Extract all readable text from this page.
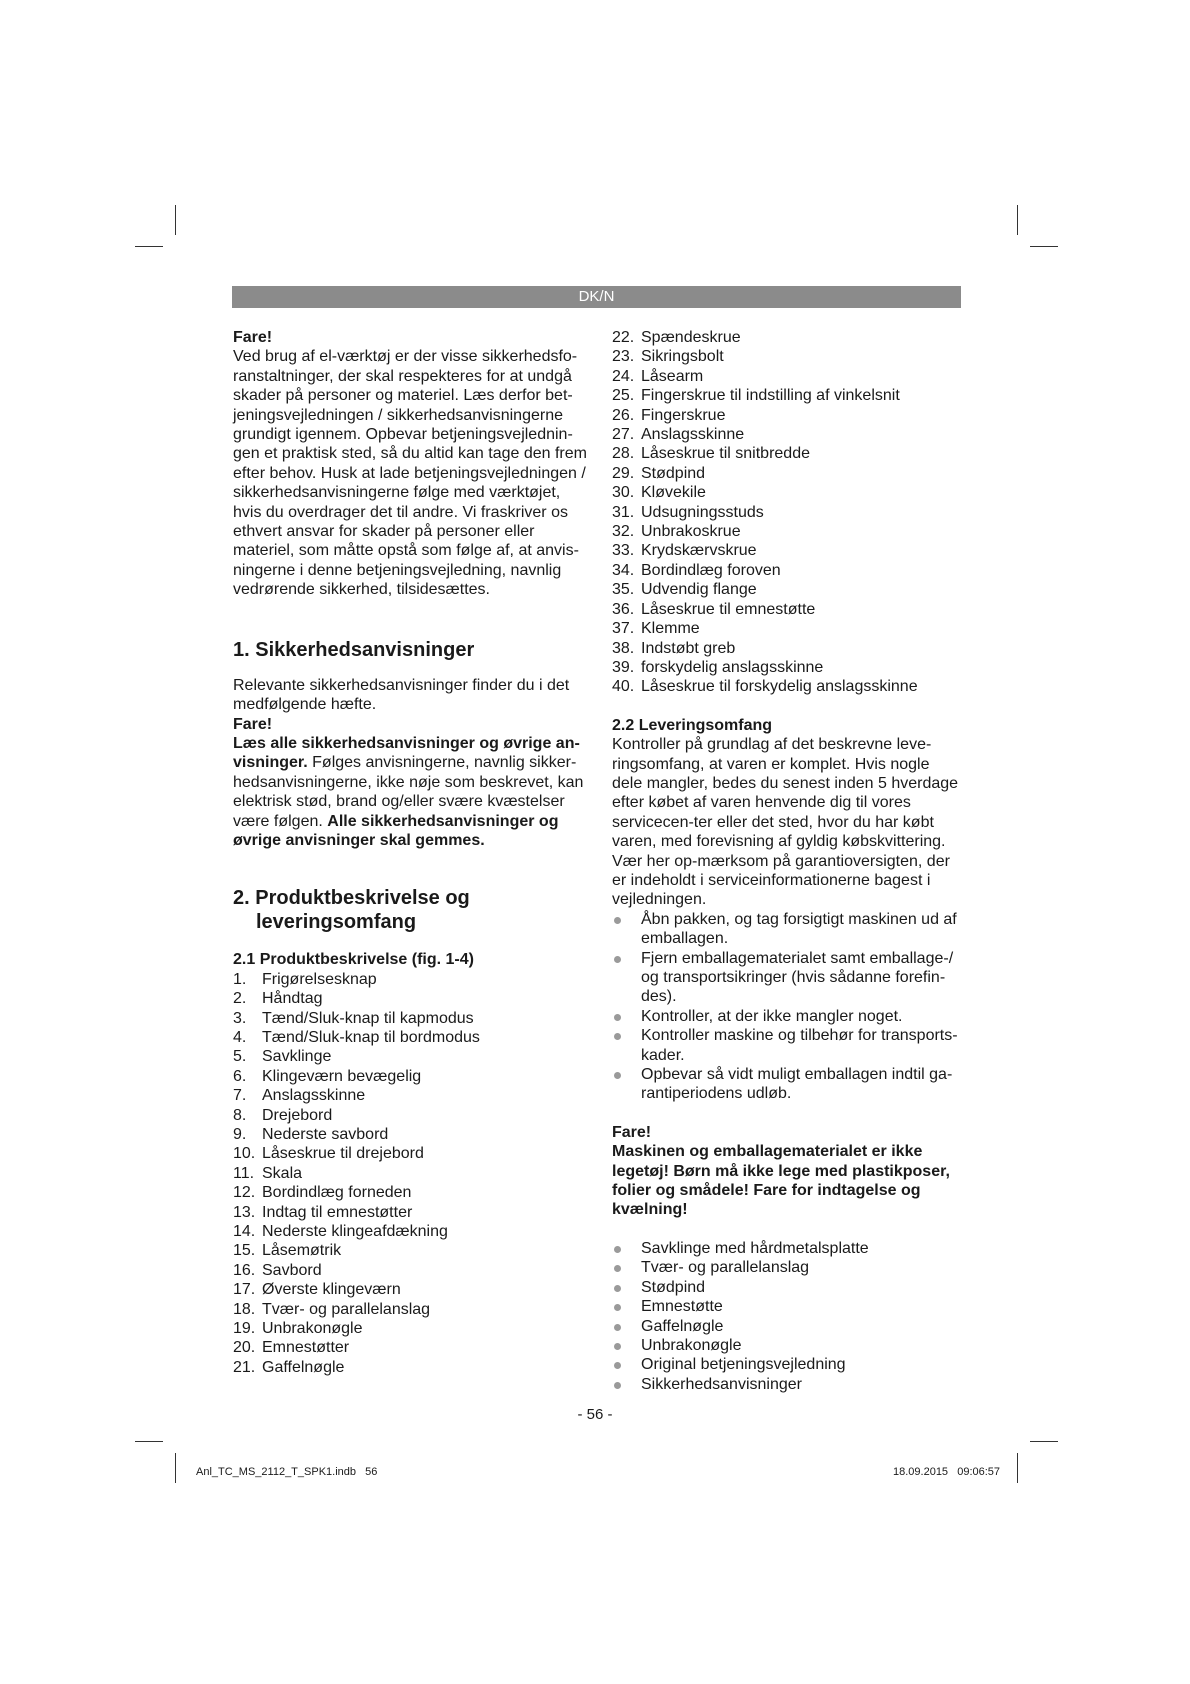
DK/N

Fare!

Ved brug af el-værktøj er der visse sikkerhedsfo-ranstaltninger, der skal respekteres for at undgå skader på personer og materiel. Læs derfor bet-jeningsvejledningen / sikkerhedsanvisningerne grundigt igennem. Opbevar betjeningsvejlednin-gen et praktisk sted, så du altid kan tage den frem efter behov. Husk at lade betjeningsvejledningen / sikkerhedsanvisningerne følge med værktøjet, hvis du overdrager det til andre. Vi fraskriver os ethvert ansvar for skader på personer eller materiel, som måtte opstå som følge af, at anvis-ningerne i denne betjeningsvejledning, navnlig vedrørende sikkerhed, tilsidesættes.

1. Sikkerhedsanvisninger

Relevante sikkerhedsanvisninger finder du i det medfølgende hæfte.

Fare!

Læs alle sikkerhedsanvisninger og øvrige an-visninger. Følges anvisningerne, navnlig sikker-hedsanvisningerne, ikke nøje som beskrevet, kan elektrisk stød, brand og/eller svære kvæstelser være følgen. Alle sikkerhedsanvisninger og øvrige anvisninger skal gemmes.

2. Produktbeskrivelse og
leveringsomfang

2.1 Produktbeskrivelse (fig. 1-4)

1. Frigørelsesknap
2. Håndtag
3. Tænd/Sluk-knap til kapmodus
4. Tænd/Sluk-knap til bordmodus
5. Savklinge
6. Klingeværn bevægelig
7. Anslagsskinne
8. Drejebord
9. Nederste savbord
10. Låseskrue til drejebord
11. Skala
12. Bordindlæg forneden
13. Indtag til emnestøtter
14. Nederste klingeafdækning
15. Låsemøtrik
16. Savbord
17. Øverste klingeværn
18. Tvær- og parallelanslag
19. Unbrakonøgle
20. Emnestøtter
21. Gaffelnøgle
22. Spændeskrue
23. Sikringsbolt
24. Låsearm
25. Fingerskrue til indstilling af vinkelsnit
26. Fingerskrue
27. Anslagsskinne
28. Låseskrue til snitbredde
29. Stødpind
30. Kløvekile
31. Udsugningsstuds
32. Unbrakoskrue
33. Krydskærvskrue
34. Bordindlæg foroven
35. Udvendig flange
36. Låseskrue til emnestøtte
37. Klemme
38. Indstøbt greb
39. forskydelig anslagsskinne
40. Låseskrue til forskydelig anslagsskinne

2.2 Leveringsomfang

Kontroller på grundlag af det beskrevne leve-ringsomfang, at varen er komplet. Hvis nogle dele mangler, bedes du senest inden 5 hverdage efter købet af varen henvende dig til vores servicecen-ter eller det sted, hvor du har købt varen, med forevisning af gyldig købskvittering. Vær her op-mærksom på garantioversigten, der er indeholdt i serviceinformationerne bagest i vejledningen.

Åbn pakken, og tag forsigtigt maskinen ud af emballagen.
Fjern emballagematerialet samt emballage-/ og transportsikringer (hvis sådanne forefin-des).
Kontroller, at der ikke mangler noget.
Kontroller maskine og tilbehør for transports-kader.
Opbevar så vidt muligt emballagen indtil ga-rantiperiodens udløb.

Fare!

Maskinen og emballagematerialet er ikke legetøj! Børn må ikke lege med plastikposer, folier og smådele! Fare for indtagelse og kvælning!

Savklinge med hårdmetalsplatte
Tvær- og parallelanslag
Stødpind
Emnestøtte
Gaffelnøgle
Unbrakonøgle
Original betjeningsvejledning
Sikkerhedsanvisninger
- 56 -
Anl_TC_MS_2112_T_SPK1.indb   56	18.09.2015   09:06:57
